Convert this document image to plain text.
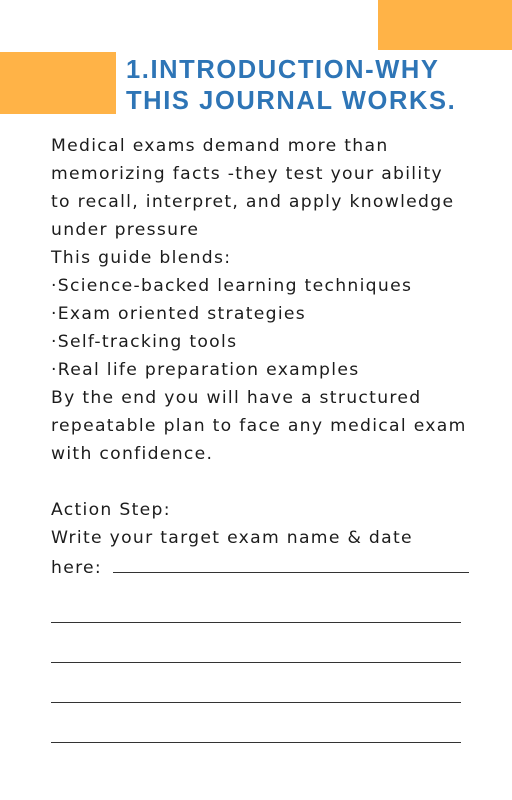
1.INTRODUCTION-WHY
THIS JOURNAL WORKS.
Medical exams demand more than
memorizing facts -they test your ability
to recall, interpret, and apply knowledge
under pressure
This guide blends:
·Science-backed learning techniques
·Exam oriented strategies
·Self-tracking tools
·Real life preparation examples
By the end you will have a structured
repeatable plan to face any medical exam
with confidence.
Action Step:
Write your target exam name & date
here:
